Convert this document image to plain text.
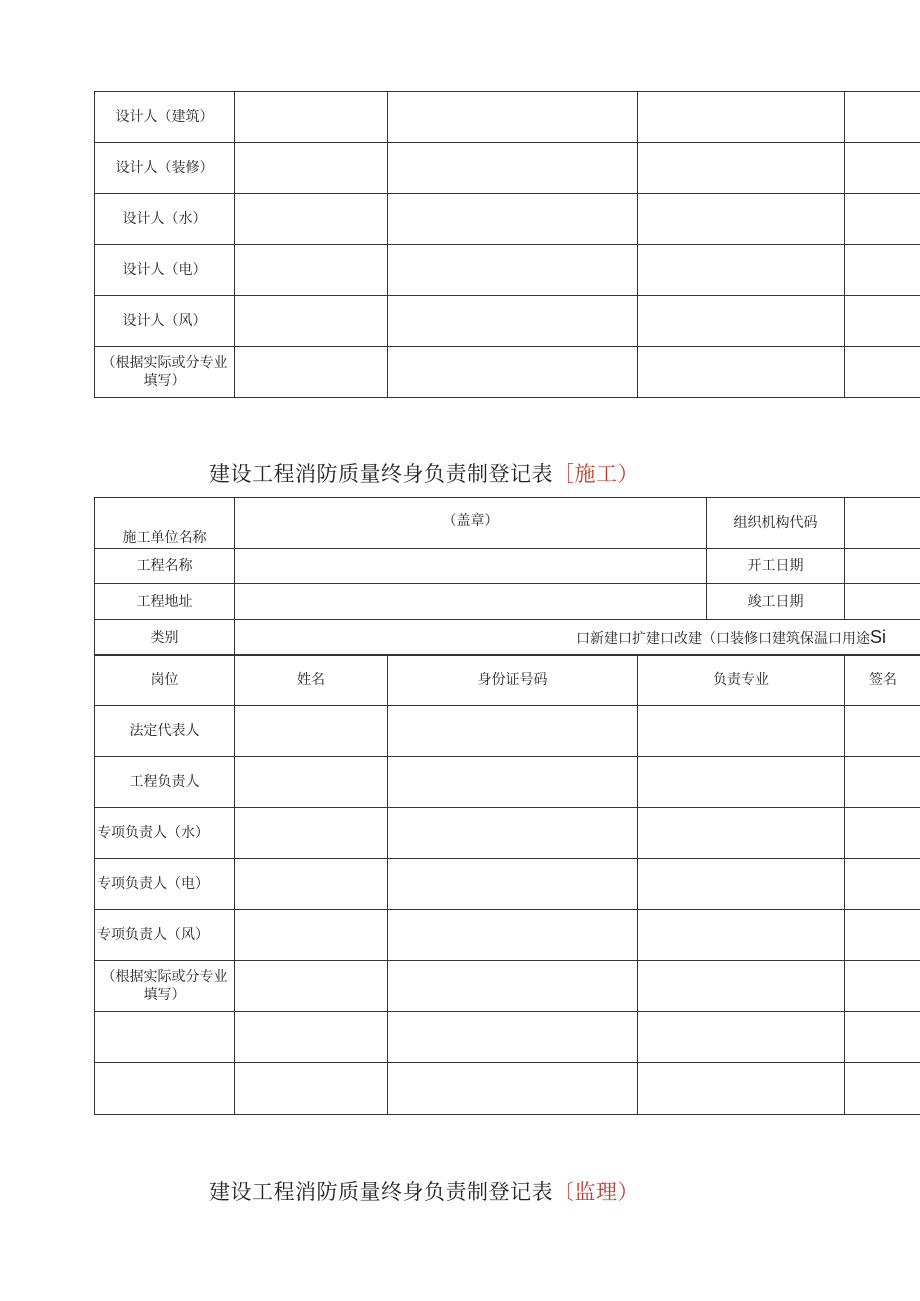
设计人（建筑）				
设计人（装修）				
设计人（水）				
设计人（电）				
设计人（风）				
（根据实际或分专业填写）				
建设工程消防质量终身负责制登记表［施工）
施工单位名称	（盖章）	组织机构代码	
工程名称		开工日期	
工程地址		竣工日期	
类别	口新建口扩建口改建（口装修口建筑保温口用途Si		
岗位	姓名	身份证号码	负责专业	签名
法定代表人				
工程负责人				
专项负责人（水）				
专项负责人（电）				
专项负责人（风）				
（根据实际或分专业填写）				

建设工程消防质量终身负责制登记表〔监理）
